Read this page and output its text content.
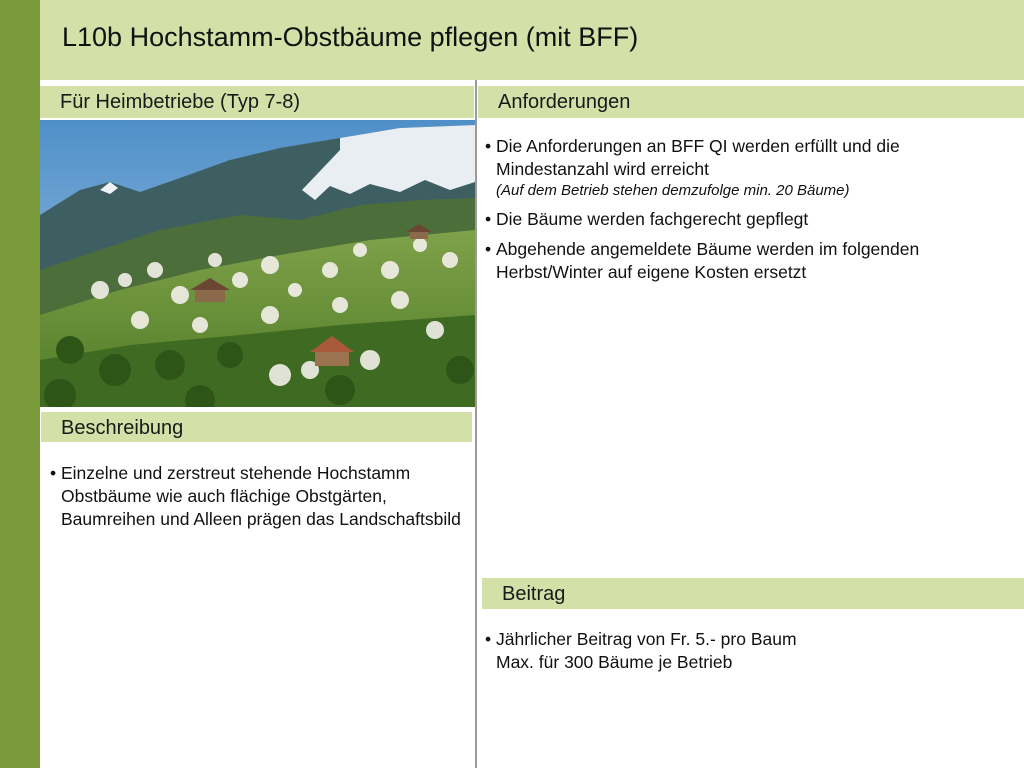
L10b Hochstamm-Obstbäume pflegen (mit BFF)
Für Heimbetriebe (Typ 7-8)	Anforderungen
Beschreibung
• Einzelne und zerstreut stehende Hochstamm Obstbäume wie auch flächige Obstgärten, Baumreihen und Alleen prägen das Landschaftsbild
• Die Anforderungen an BFF QI werden erfüllt und die Mindestanzahl wird erreicht
(Auf dem Betrieb stehen demzufolge min. 20 Bäume)
• Die Bäume werden fachgerecht gepflegt
• Abgehende angemeldete Bäume werden im folgenden Herbst/Winter auf eigene Kosten ersetzt
Beitrag
• Jährlicher Beitrag von Fr. 5.- pro Baum
Max. für 300 Bäume je Betrieb
